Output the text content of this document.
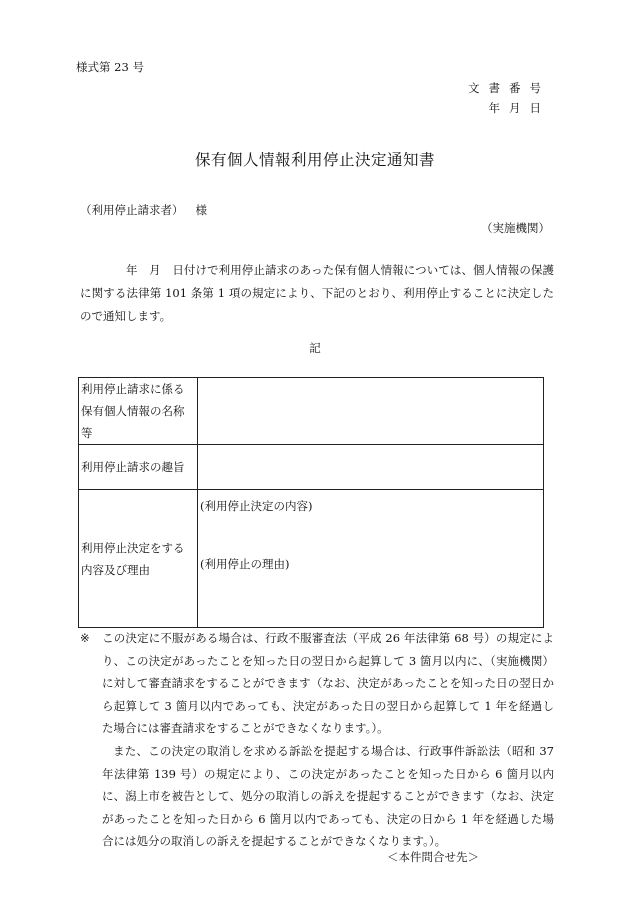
様式第 23 号
文書番号
年月日
保有個人情報利用停止決定通知書
（利用停止請求者） 様
（実施機関）
年　月　日付けで利用停止請求のあった保有個人情報については、個人情報の保護に関する法律第 101 条第 1 項の規定により、下記のとおり、利用停止することに決定したので通知します。
記
利用停止請求に係る保有個人情報の名称等	
利用停止請求の趣旨	
利用停止決定をする内容及び理由	(利用停止決定の内容)
(利用停止の理由)
※ この決定に不服がある場合は、行政不服審査法（平成 26 年法律第 68 号）の規定により、この決定があったことを知った日の翌日から起算して 3 箇月以内に、（実施機関）に対して審査請求をすることができます（なお、決定があったことを知った日の翌日から起算して 3 箇月以内であっても、決定があった日の翌日から起算して 1 年を経過した場合には審査請求をすることができなくなります。）。
また、この決定の取消しを求める訴訟を提起する場合は、行政事件訴訟法（昭和 37 年法律第 139 号）の規定により、この決定があったことを知った日から 6 箇月以内に、潟上市を被告として、処分の取消しの訴えを提起することができます（なお、決定があったことを知った日から 6 箇月以内であっても、決定の日から 1 年を経過した場合には処分の取消しの訴えを提起することができなくなります。）。
＜本件問合せ先＞
